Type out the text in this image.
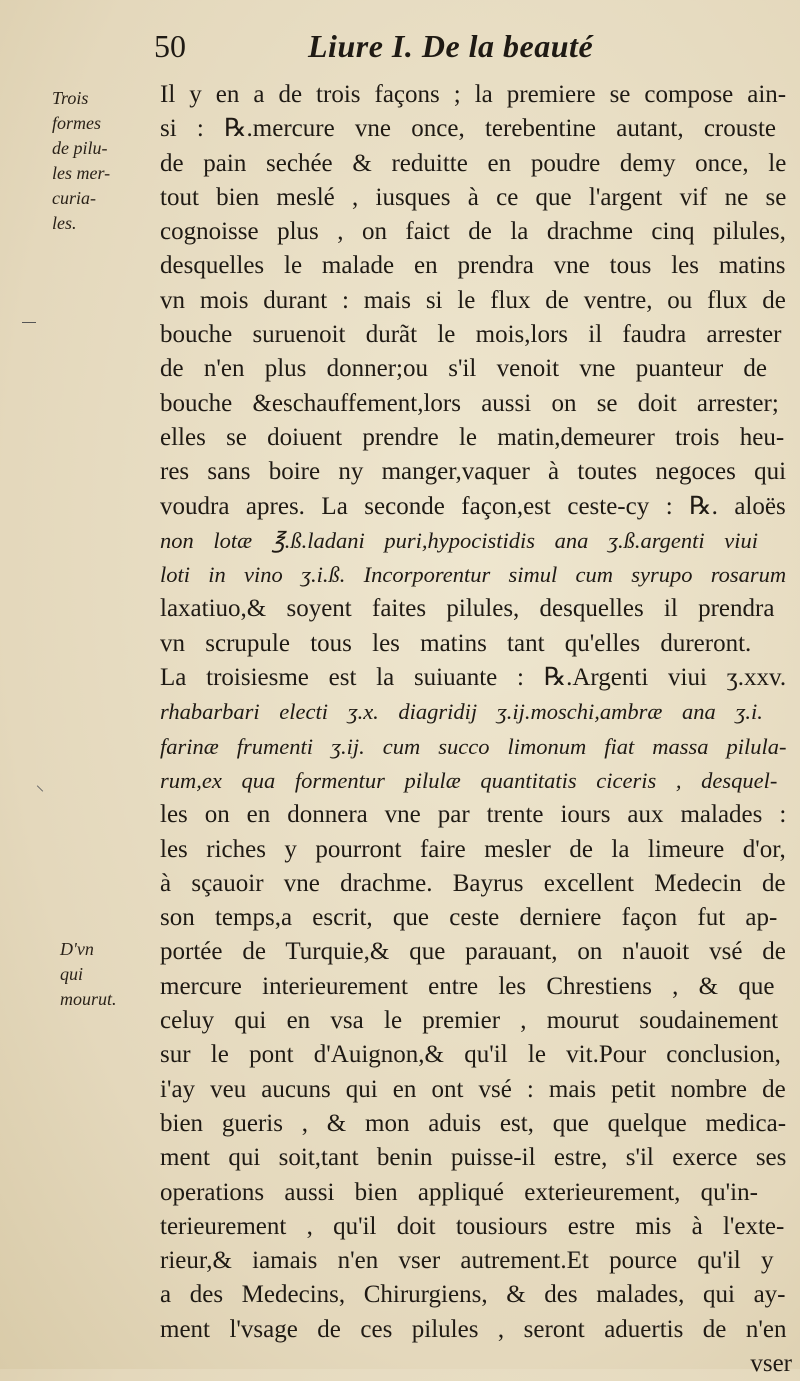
50	Liure I. De la beauté
Trois
formes
de pilu-
les mer-
curia-
les.
D'vn
qui
mourut.
Il y en a de trois façons ; la premiere se compose ain-
si : ℞.mercure vne once, terebentine autant, crouste
de pain sechée & reduitte en poudre demy once, le
tout bien meslé , iusques à ce que l'argent vif ne se
cognoisse plus , on faict de la drachme cinq pilules,
desquelles le malade en prendra vne tous les matins
vn mois durant : mais si le flux de ventre, ou flux de
bouche suruenoit durãt le mois,lors il faudra arrester
de n'en plus donner;ou s'il venoit vne puanteur de
bouche &eschauffement,lors aussi on se doit arrester;
elles se doiuent prendre le matin,demeurer trois heu-
res sans boire ny manger,vaquer à toutes negoces qui
voudra apres. La seconde façon,est ceste-cy : ℞. aloës
non lotæ ℥.ß.ladani puri,hypocistidis ana ʒ.ß.argenti viui
loti in vino ʒ.i.ß. Incorporentur simul cum syrupo rosarum
laxatiuo,& soyent faites pilules, desquelles il prendra
vn scrupule tous les matins tant qu'elles dureront.
La troisiesme est la suiuante : ℞.Argenti viui ʒ.xxv.
rhabarbari electi ʒ.x. diagridij ʒ.ij.moschi,ambræ ana ʒ.i.
farinæ frumenti ʒ.ij. cum succo limonum fiat massa pilula-
rum,ex qua formentur pilulæ quantitatis ciceris , desquel-
les on en donnera vne par trente iours aux malades :
les riches y pourront faire mesler de la limeure d'or,
à sçauoir vne drachme. Bayrus excellent Medecin de
son temps,a escrit, que ceste derniere façon fut ap-
portée de Turquie,& que parauant, on n'auoit vsé de
mercure interieurement entre les Chrestiens , & que
celuy qui en vsa le premier , mourut soudainement
sur le pont d'Auignon,& qu'il le vit.Pour conclusion,
i'ay veu aucuns qui en ont vsé : mais petit nombre de
bien gueris , & mon aduis est, que quelque medica-
ment qui soit,tant benin puisse-il estre, s'il exerce ses
operations aussi bien appliqué exterieurement, qu'in-
terieurement , qu'il doit tousiours estre mis à l'exte-
rieur,& iamais n'en vser autrement.Et pource qu'il y
a des Medecins, Chirurgiens, & des malades, qui ay-
ment l'vsage de ces pilules , seront aduertis de n'en
vser
